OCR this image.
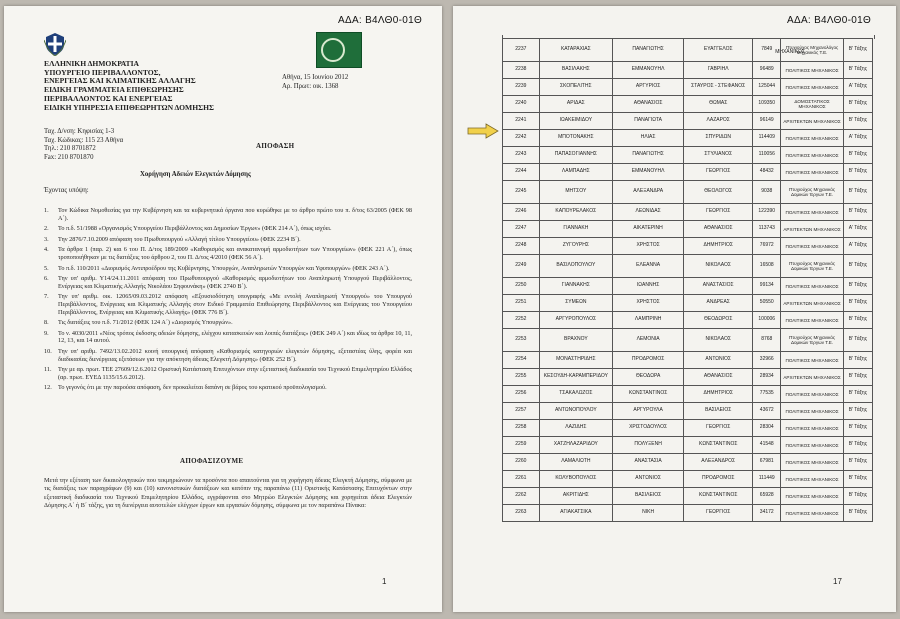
ΑΔΑ: Β4ΛΘ0-01Θ
ΕΛΛΗΝΙΚΗ ΔΗΜΟΚΡΑΤΙΑ
ΥΠΟΥΡΓΕΙΟ ΠΕΡΙΒΑΛΛΟΝΤΟΣ,
ΕΝΕΡΓΕΙΑΣ ΚΑΙ ΚΛΙΜΑΤΙΚΗΣ ΑΛΛΑΓΗΣ
ΕΙΔΙΚΗ ΓΡΑΜΜΑΤΕΙΑ ΕΠΙΘΕΩΡΗΣΗΣ
ΠΕΡΙΒΑΛΛΟΝΤΟΣ ΚΑΙ ΕΝΕΡΓΕΙΑΣ
ΕΙΔΙΚΗ ΥΠΗΡΕΣΙΑ ΕΠΙΘΕΩΡΗΤΩΝ ΔΟΜΗΣΗΣ
Αθήνα, 15 Ιουνίου 2012
Αρ. Πρωτ: οικ. 1368
Ταχ. Δ/νση: Κηφισίας 1-3
Ταχ. Κώδικας: 115 23 Αθήνα
Τηλ.: 210 8701872
Fax: 210 8701870
ΑΠΟΦΑΣΗ
Χορήγηση Αδειών Ελεγκτών Δόμησης
Έχοντας υπόψη:
1. Τον Κώδικα Νομοθεσίας για την Κυβέρνηση και τα κυβερνητικά όργανα που κυρώθηκε με το άρθρο πρώτο του π. δ/τος 63/2005 (ΦΕΚ 98 Α΄).
2. Το π.δ. 51/1988 «Οργανισμός Υπουργείου Περιβάλλοντος και Δημοσίων Έργων» (ΦΕΚ 214 Α΄), όπως ισχύει.
3. Την 2876/7.10.2009 απόφαση του Πρωθυπουργού «Αλλαγή τίτλου Υπουργείου» (ΦΕΚ 2234 Β΄).
4. Τα άρθρα 1 (παρ. 2) και 6 του Π. Δ/τος 189/2009 «Καθορισμός και ανακατανομή αρμοδιοτήτων των Υπουργείων» (ΦΕΚ 221 Α΄), όπως τροποποιήθηκαν με τις διατάξεις του άρθρου 2, του Π. Δ/τος 4/2010 (ΦΕΚ 56 Α΄).
5. Το π.δ. 110/2011 «Διορισμός Αντιπροέδρου της Κυβέρνησης, Υπουργών, Αναπληρωτών Υπουργών και Υφυπουργών» (ΦΕΚ 243 Α΄).
6. Την υπ' αριθμ. Υ14/24.11.2011 απόφαση του Πρωθυπουργού «Καθορισμός αρμοδιοτήτων του Αναπληρωτή Υπουργού Περιβάλλοντος, Ενέργειας και Κλιματικής Αλλαγής Νικολάου Σηφουνάκη» (ΦΕΚ 2740 Β΄).
7. Την υπ' αριθμ. οικ. 12065/09.03.2012 απόφαση «Εξουσιοδότηση υπογραφής «Με εντολή Αναπληρωτή Υπουργού» του Υπουργού Περιβάλλοντος, Ενέργειας και Κλιματικής Αλλαγής στον Ειδικό Γραμματέα Επιθεώρησης Περιβάλλοντος και Ενέργειας του Υπουργείου Περιβάλλοντος, Ενέργειας και Κλιματικής Αλλαγής» (ΦΕΚ 776 Β΄).
8. Τις διατάξεις του π.δ. 71/2012 (ΦΕΚ 124 Α΄) «Διορισμός Υπουργών».
9. Το ν. 4030/2011 «Νέος τρόπος έκδοσης αδειών δόμησης, ελέγχου κατασκευών και λοιπές διατάξεις» (ΦΕΚ 249 Α΄) και ιδίως τα άρθρα 10, 11, 12, 13, και 14 αυτού.
10. Την υπ' αριθμ. 7492/13.02.2012 κοινή υπουργική απόφαση «Καθορισμός κατηγοριών ελεγκτών δόμησης, εξεταστέας ύλης, φορέα και διαδικασίας διενέργειας εξετάσεων για την απόκτηση άδειας Ελεγκτή Δόμησης» (ΦΕΚ 252 Β΄).
11. Την με αρ. πρωτ. ΤΕΕ 27609/12.6.2012 Οριστική Κατάσταση Επιτυχόντων στην εξεταστική διαδικασία του Τεχνικού Επιμελητηρίου Ελλάδος (αρ. πρωτ. ΕΥΕΔ 1135/15.6.2012).
12. Το γεγονός ότι με την παρούσα απόφαση, δεν προκαλείται δαπάνη σε βάρος του κρατικού προϋπολογισμού.
ΑΠΟΦΑΣΙΖΟΥΜΕ
Μετά την εξέταση των δικαιολογητικών που τεκμηριώνουν τα προσόντα που απαιτούνται για τη χορήγηση άδειας Ελεγκτή Δόμησης, σύμφωνα με τις διατάξεις των παραγράφων (9) και (10) κανονιστικών διατάξεων και κατόπιν της παραπάνω (11) Οριστικής Κατάστασης Επιτυχόντων στην εξεταστική διαδικασία του Τεχνικού Επιμελητηρίου Ελλάδος, εγγράφονται στο Μητρώο Ελεγκτών Δόμησης και χορηγείται άδεια Ελεγκτών Δόμησης Α΄ ή Β΄ τάξης, για τη διενέργεια αυτοτελών ελέγχων έργων και εργασιών δόμησης, σύμφωνα με τον παραπάνω Πίνακα:
1
ΑΔΑ: Β4ΛΘ0-01Θ
ΜΗΧΑΝΙΚΟΣ
2237	ΚΑΤΑΡΑΧΙΑΣ	ΠΑΝΑΓΙΩΤΗΣ	ΕΥΑΓΓΕΛΟΣ	7849	Πτυχιούχος Μηχανολόγος Μηχανικός Τ.Ε.	Β' Τάξης
2238	ΒΑΣΙΛΑΚΗΣ	ΕΜΜΑΝΟΥΗΛ	ΓΑΒΡΙΗΛ	96489	ΠΟΛΙΤΙΚΟΣ ΜΗΧΑΝΙΚΟΣ	Β' Τάξης
2239	ΣΚΟΠΕΛΙΤΗΣ	ΑΡΓΥΡΙΟΣ	ΣΤΑΥΡΟΣ - ΣΤΕΦΑΝΟΣ	125044	ΠΟΛΙΤΙΚΟΣ ΜΗΧΑΝΙΚΟΣ	Α' Τάξης
2240	ΑΡΙΔΑΣ	ΑΘΑΝΑΣΙΟΣ	ΘΩΜΑΣ	109350	ΔΟΜΟΣΤΑΤΙΚΟΣ ΜΗΧΑΝΙΚΟΣ	Β' Τάξης
2241	ΙΩΑΚΕΙΜΙΔΟΥ	ΠΑΝΑΓΙΩΤΑ	ΛΑΖΑΡΟΣ	96149	ΑΡΧΙΤΕΚΤΩΝ ΜΗΧΑΝΙΚΟΣ	Β' Τάξης
2242	ΜΠΟΤΟΝΑΚΗΣ	ΗΛΙΑΣ	ΣΠΥΡΙΔΩΝ	114409	ΠΟΛΙΤΙΚΟΣ ΜΗΧΑΝΙΚΟΣ	Α' Τάξης
2243	ΠΑΠΑΣΟΓΙΑΝΝΗΣ	ΠΑΝΑΓΙΩΤΗΣ	ΣΤΥΛΙΑΝΟΣ	110056	ΠΟΛΙΤΙΚΟΣ ΜΗΧΑΝΙΚΟΣ	Β' Τάξης
2244	ΛΑΜΠΑΔΗΣ	ΕΜΜΑΝΟΥΗΛ	ΓΕΩΡΓΙΟΣ	48432	ΠΟΛΙΤΙΚΟΣ ΜΗΧΑΝΙΚΟΣ	Β' Τάξης
2245	ΜΗΤΣΟΥ	ΑΛΕΞΑΝΔΡΑ	ΘΕΟΛΟΓΟΣ	9038	Πτυχιούχος Μηχανικός Δομικών Έργων Τ.Ε.	Β' Τάξης
2246	ΚΑΠΟΥΡΕΛΑΚΟΣ	ΛΕΩΝΙΔΑΣ	ΓΕΩΡΓΙΟΣ	122390	ΠΟΛΙΤΙΚΟΣ ΜΗΧΑΝΙΚΟΣ	Β' Τάξης
2247	ΓΙΑΝΝΑΚΗ	ΑΙΚΑΤΕΡΙΝΗ	ΑΘΑΝΑΣΙΟΣ	113743	ΑΡΧΙΤΕΚΤΩΝ ΜΗΧΑΝΙΚΟΣ	Α' Τάξης
2248	ΖΥΓΟΥΡΗΣ	ΧΡΗΣΤΟΣ	ΔΗΜΗΤΡΙΟΣ	76972	ΠΟΛΙΤΙΚΟΣ ΜΗΧΑΝΙΚΟΣ	Α' Τάξης
2249	ΒΑΣΙΛΟΠΟΥΛΟΥ	ΕΛΕΑΝΝΑ	ΝΙΚΟΛΑΟΣ	16508	Πτυχιούχος Μηχανικός Δομικών Έργων Τ.Ε.	Β' Τάξης
2250	ΓΙΑΝΝΑΚΗΣ	ΙΩΑΝΝΗΣ	ΑΝΑΣΤΑΣΙΟΣ	99134	ΠΟΛΙΤΙΚΟΣ ΜΗΧΑΝΙΚΟΣ	Β' Τάξης
2251	ΣΥΜΕΩΝ	ΧΡΗΣΤΟΣ	ΑΝΔΡΕΑΣ	50550	ΑΡΧΙΤΕΚΤΩΝ ΜΗΧΑΝΙΚΟΣ	Β' Τάξης
2252	ΑΡΓΥΡΟΠΟΥΛΟΣ	ΛΑΜΠΡΙΝΗ	ΘΕΟΔΩΡΟΣ	100006	ΠΟΛΙΤΙΚΟΣ ΜΗΧΑΝΙΚΟΣ	Β' Τάξης
2253	ΒΡΑΧΝΟΥ	ΛΕΜΟΝΙΑ	ΝΙΚΟΛΑΟΣ	8768	Πτυχιούχος Μηχανικός Δομικών Έργων Τ.Ε.	Β' Τάξης
2254	ΜΟΝΑΣΤΗΡΙΔΗΣ	ΠΡΟΔΡΟΜΟΣ	ΑΝΤΩΝΙΟΣ	32966	ΠΟΛΙΤΙΚΟΣ ΜΗΧΑΝΙΚΟΣ	Β' Τάξης
2255	ΚΕΣΟΥΔΗ-ΚΑΡΑΜΠΕΡΙΔΟΥ	ΘΕΟΔΩΡΑ	ΑΘΑΝΑΣΙΟΣ	28934	ΑΡΧΙΤΕΚΤΩΝ ΜΗΧΑΝΙΚΟΣ	Β' Τάξης
2256	ΤΣΑΚΑΛΩΖΟΣ	ΚΩΝΣΤΑΝΤΙΝΟΣ	ΔΗΜΗΤΡΙΟΣ	77535	ΠΟΛΙΤΙΚΟΣ ΜΗΧΑΝΙΚΟΣ	Β' Τάξης
2257	ΑΝΤΩΝΟΠΟΥΛΟΥ	ΑΡΓΥΡΟΥΛΑ	ΒΑΣΙΛΕΙΟΣ	43672	ΠΟΛΙΤΙΚΟΣ ΜΗΧΑΝΙΚΟΣ	Β' Τάξης
2258	ΛΑΖΙΔΗΣ	ΧΡΙΣΤΟΔΟΥΛΟΣ	ΓΕΩΡΓΙΟΣ	28304	ΠΟΛΙΤΙΚΟΣ ΜΗΧΑΝΙΚΟΣ	Β' Τάξης
2259	ΧΑΤΖΗΛΑΖΑΡΙΔΟΥ	ΠΟΛΥΞΕΝΗ	ΚΩΝΣΤΑΝΤΙΝΟΣ	41548	ΠΟΛΙΤΙΚΟΣ ΜΗΧΑΝΙΚΟΣ	Β' Τάξης
2260	ΛΑΜΑΛΙΩΤΗ	ΑΝΑΣΤΑΣΙΑ	ΑΛΕΞΑΝΔΡΟΣ	67981	ΠΟΛΙΤΙΚΟΣ ΜΗΧΑΝΙΚΟΣ	Β' Τάξης
2261	ΚΟΛΥΒΟΠΟΥΛΟΣ	ΑΝΤΩΝΙΟΣ	ΠΡΟΔΡΟΜΟΣ	111449	ΠΟΛΙΤΙΚΟΣ ΜΗΧΑΝΙΚΟΣ	Β' Τάξης
2262	ΑΚΡΙΤΙΔΗΣ	ΒΑΣΙΛΕΙΟΣ	ΚΩΝΣΤΑΝΤΙΝΟΣ	65928	ΠΟΛΙΤΙΚΟΣ ΜΗΧΑΝΙΚΟΣ	Β' Τάξης
2263	ΑΓΙΑΚΑΤΣΙΚΑ	ΝΙΚΗ	ΓΕΩΡΓΙΟΣ	34172	ΠΟΛΙΤΙΚΟΣ ΜΗΧΑΝΙΚΟΣ	Β' Τάξης
17
